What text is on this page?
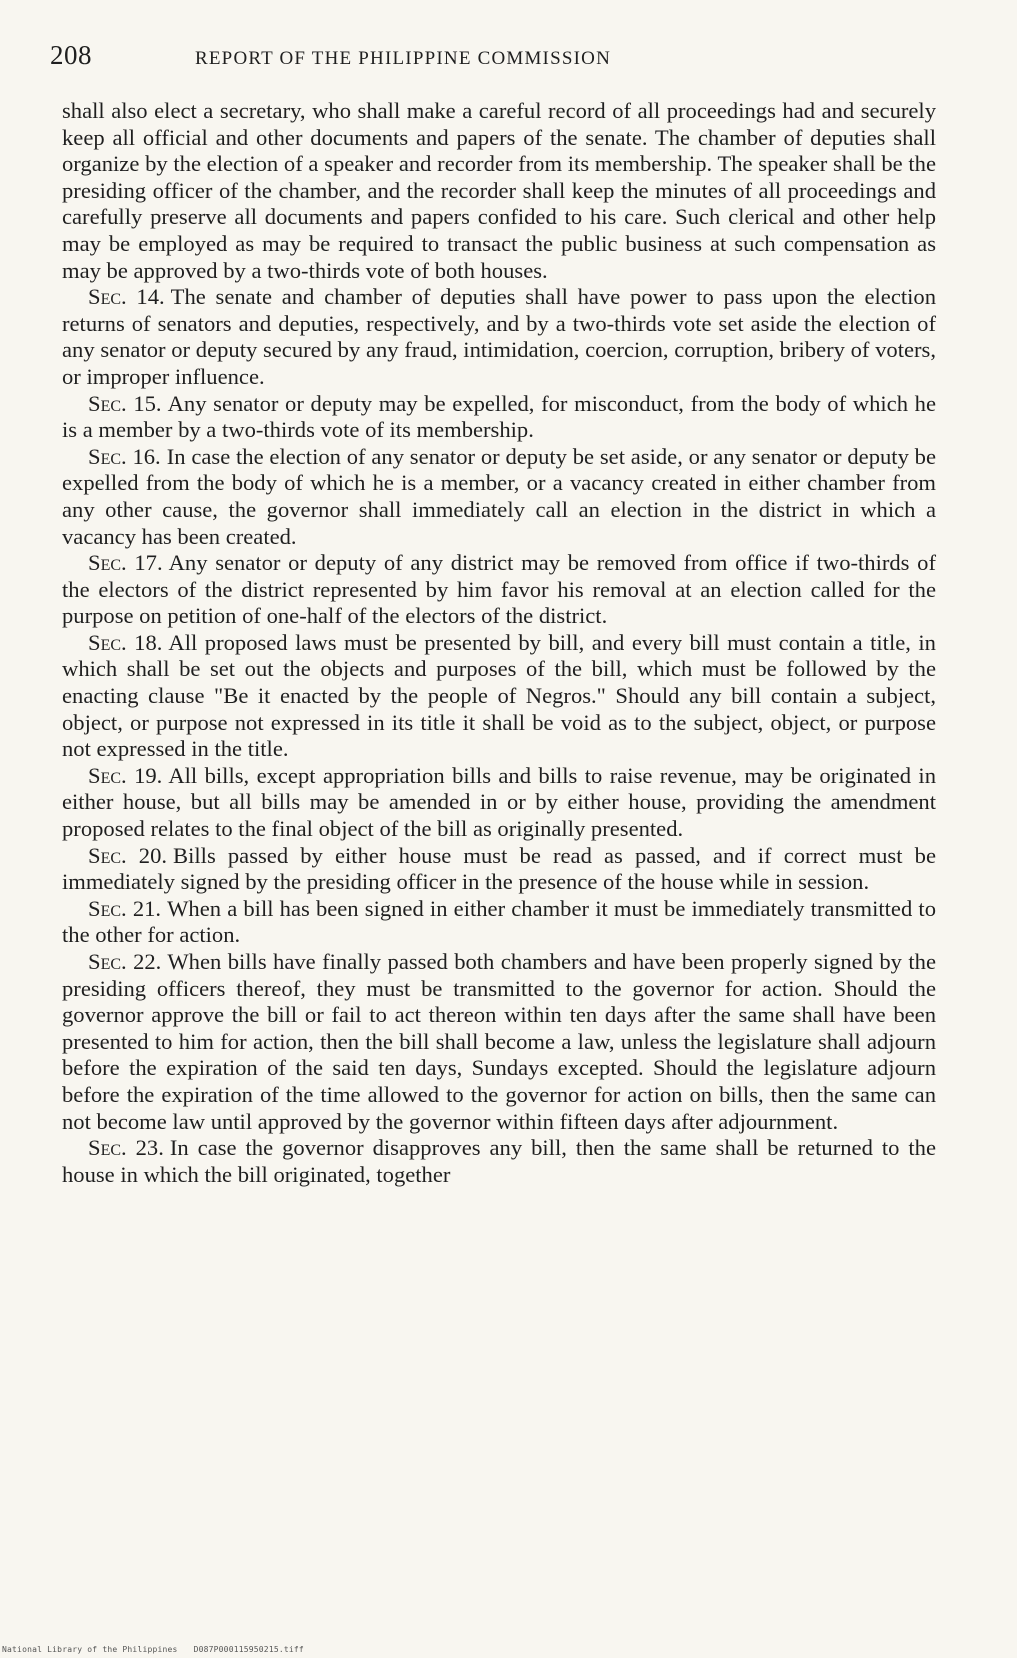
208	REPORT OF THE PHILIPPINE COMMISSION

shall also elect a secretary, who shall make a careful record of all proceedings had and securely keep all official and other documents and papers of the senate. The chamber of deputies shall organize by the election of a speaker and recorder from its membership. The speaker shall be the presiding officer of the chamber, and the recorder shall keep the minutes of all proceedings and carefully preserve all documents and papers confided to his care. Such clerical and other help may be employed as may be required to transact the public business at such compensation as may be approved by a two-thirds vote of both houses.

Sec. 14. The senate and chamber of deputies shall have power to pass upon the election returns of senators and deputies, respectively, and by a two-thirds vote set aside the election of any senator or deputy secured by any fraud, intimidation, coercion, corruption, bribery of voters, or improper influence.

Sec. 15. Any senator or deputy may be expelled, for misconduct, from the body of which he is a member by a two-thirds vote of its membership.

Sec. 16. In case the election of any senator or deputy be set aside, or any senator or deputy be expelled from the body of which he is a member, or a vacancy created in either chamber from any other cause, the governor shall immediately call an election in the district in which a vacancy has been created.

Sec. 17. Any senator or deputy of any district may be removed from office if two-thirds of the electors of the district represented by him favor his removal at an election called for the purpose on petition of one-half of the electors of the district.

Sec. 18. All proposed laws must be presented by bill, and every bill must contain a title, in which shall be set out the objects and purposes of the bill, which must be followed by the enacting clause "Be it enacted by the people of Negros." Should any bill contain a subject, object, or purpose not expressed in its title it shall be void as to the subject, object, or purpose not expressed in the title.

Sec. 19. All bills, except appropriation bills and bills to raise revenue, may be originated in either house, but all bills may be amended in or by either house, providing the amendment proposed relates to the final object of the bill as originally presented.

Sec. 20. Bills passed by either house must be read as passed, and if correct must be immediately signed by the presiding officer in the presence of the house while in session.

Sec. 21. When a bill has been signed in either chamber it must be immediately transmitted to the other for action.

Sec. 22. When bills have finally passed both chambers and have been properly signed by the presiding officers thereof, they must be transmitted to the governor for action. Should the governor approve the bill or fail to act thereon within ten days after the same shall have been presented to him for action, then the bill shall become a law, unless the legislature shall adjourn before the expiration of the said ten days, Sundays excepted. Should the legislature adjourn before the expiration of the time allowed to the governor for action on bills, then the same can not become law until approved by the governor within fifteen days after adjournment.

Sec. 23. In case the governor disapproves any bill, then the same shall be returned to the house in which the bill originated, together

National Library of the Philippines D087P000115950215.tiff
